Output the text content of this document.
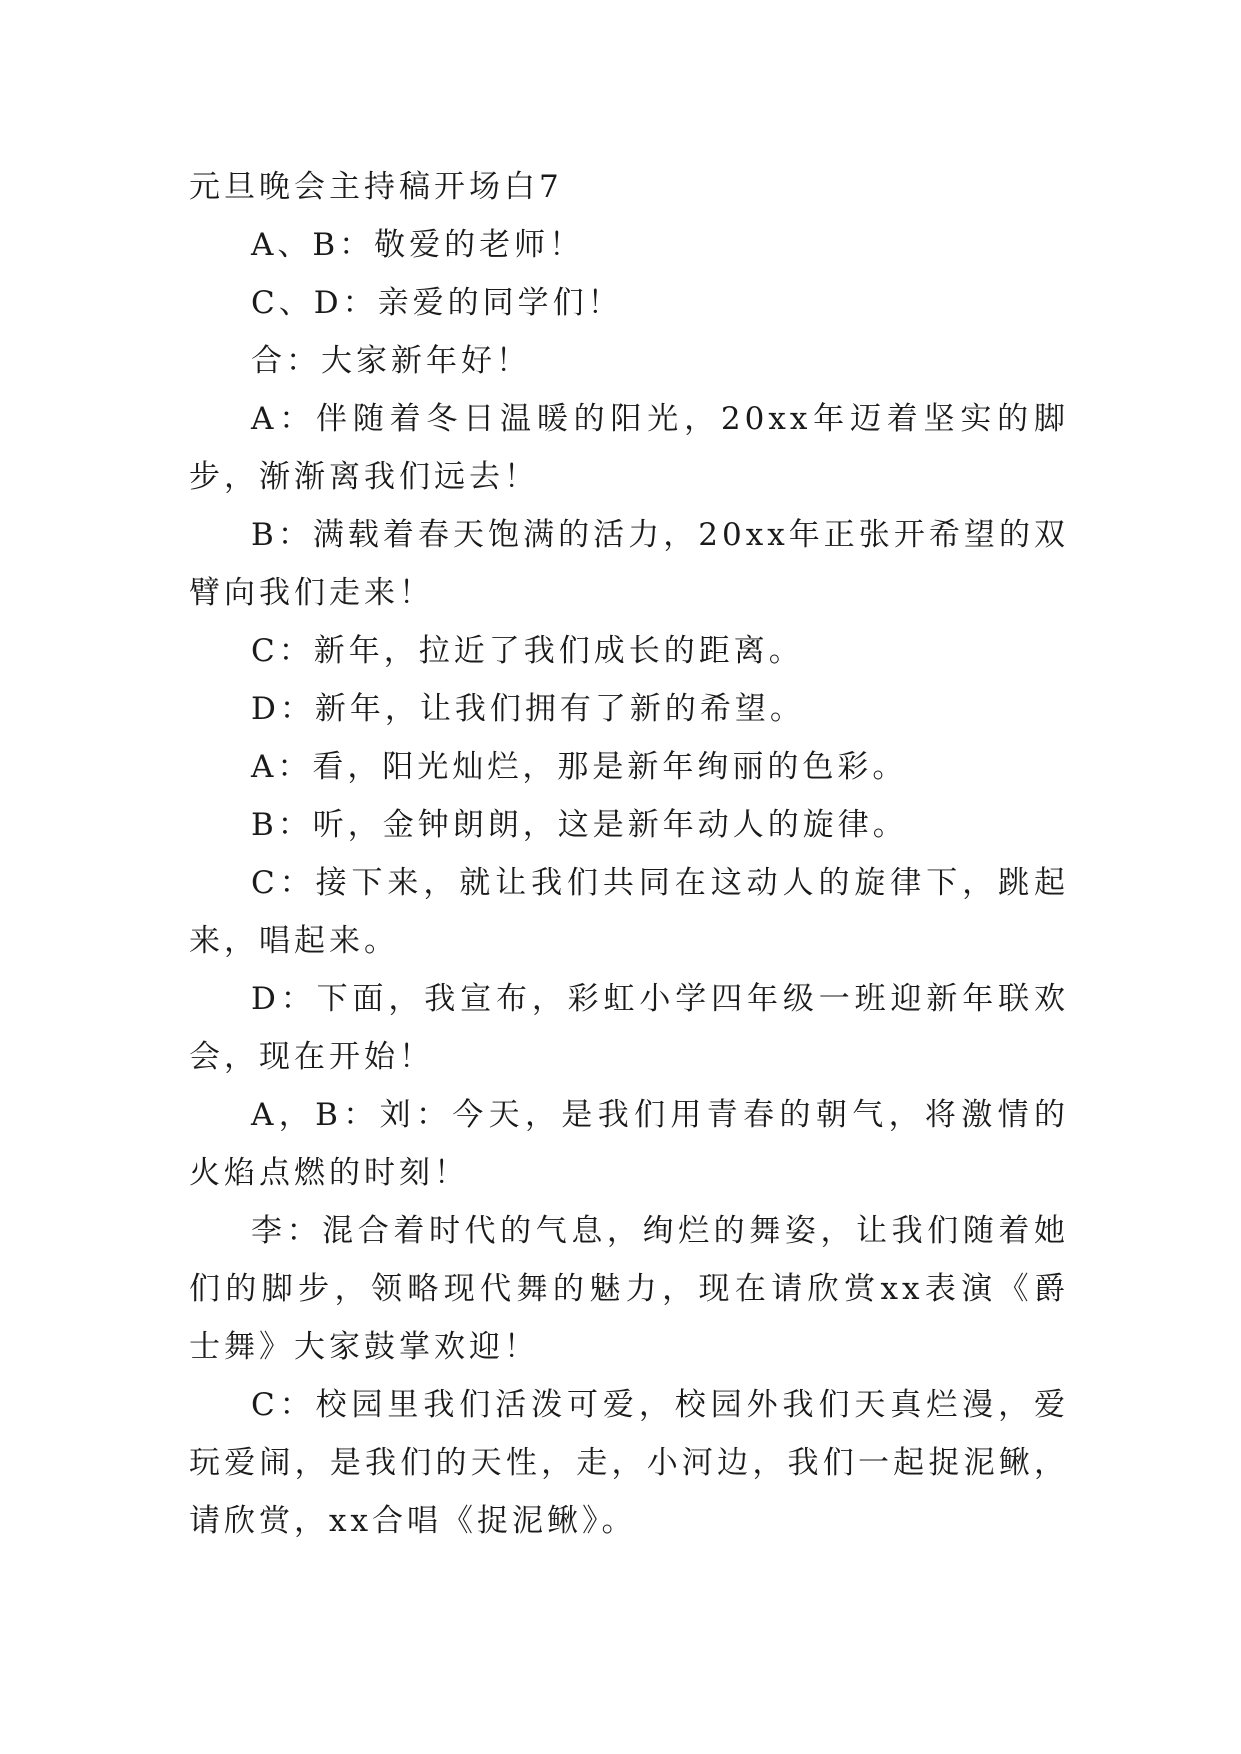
元旦晚会主持稿开场白7

A、B：敬爱的老师！

C、D：亲爱的同学们！

合：大家新年好！

A：伴随着冬日温暖的阳光，20xx年迈着坚实的脚步，渐渐离我们远去！

B：满载着春天饱满的活力，20xx年正张开希望的双臂向我们走来！

C：新年，拉近了我们成长的距离。

D：新年，让我们拥有了新的希望。

A：看，阳光灿烂，那是新年绚丽的色彩。

B：听，金钟朗朗，这是新年动人的旋律。

C：接下来，就让我们共同在这动人的旋律下，跳起来，唱起来。

D：下面，我宣布，彩虹小学四年级一班迎新年联欢会，现在开始！

A，B：刘：今天，是我们用青春的朝气，将激情的火焰点燃的时刻！

李：混合着时代的气息，绚烂的舞姿，让我们随着她们的脚步，领略现代舞的魅力，现在请欣赏xx表演《爵士舞》大家鼓掌欢迎！

C：校园里我们活泼可爱，校园外我们天真烂漫，爱玩爱闹，是我们的天性，走，小河边，我们一起捉泥鳅，请欣赏，xx合唱《捉泥鳅》。
